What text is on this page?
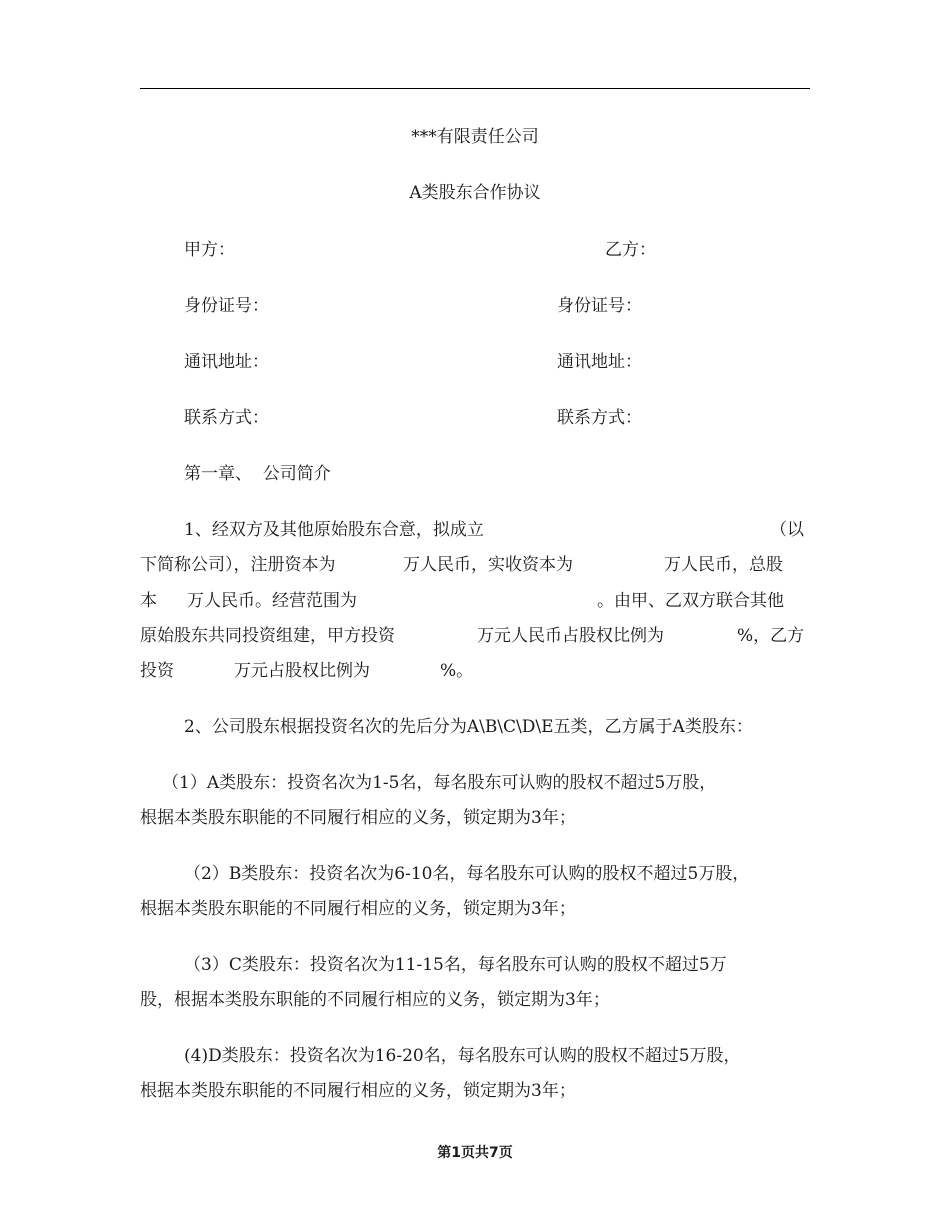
***有限责任公司
A类股东合作协议
甲方：	乙方：
身份证号：	身份证号：
通讯地址：	通讯地址：
联系方式：	联系方式：
第一章、  公司简介
1、经双方及其他原始股东合意，拟成立	（以
下简称公司），注册资本为	万人民币，实收资本为	万人民币，总股
本 万人民币。经营范围为	。由甲、乙双方联合其他
原始股东共同投资组建，甲方投资	万元人民币占股权比例为	%，乙方
投资	万元占股权比例为	%。
2、公司股东根据投资名次的先后分为A\B\C\D\E五类，乙方属于A类股东：
（1）A类股东：投资名次为1-5名，每名股东可认购的股权不超过5万股，
根据本类股东职能的不同履行相应的义务，锁定期为3年；
（2）B类股东：投资名次为6-10名，每名股东可认购的股权不超过5万股，
根据本类股东职能的不同履行相应的义务，锁定期为3年；
（3）C类股东：投资名次为11-15名，每名股东可认购的股权不超过5万
股，根据本类股东职能的不同履行相应的义务，锁定期为3年；
(4)D类股东：投资名次为16-20名，每名股东可认购的股权不超过5万股，
根据本类股东职能的不同履行相应的义务，锁定期为3年；
第1页共7页
